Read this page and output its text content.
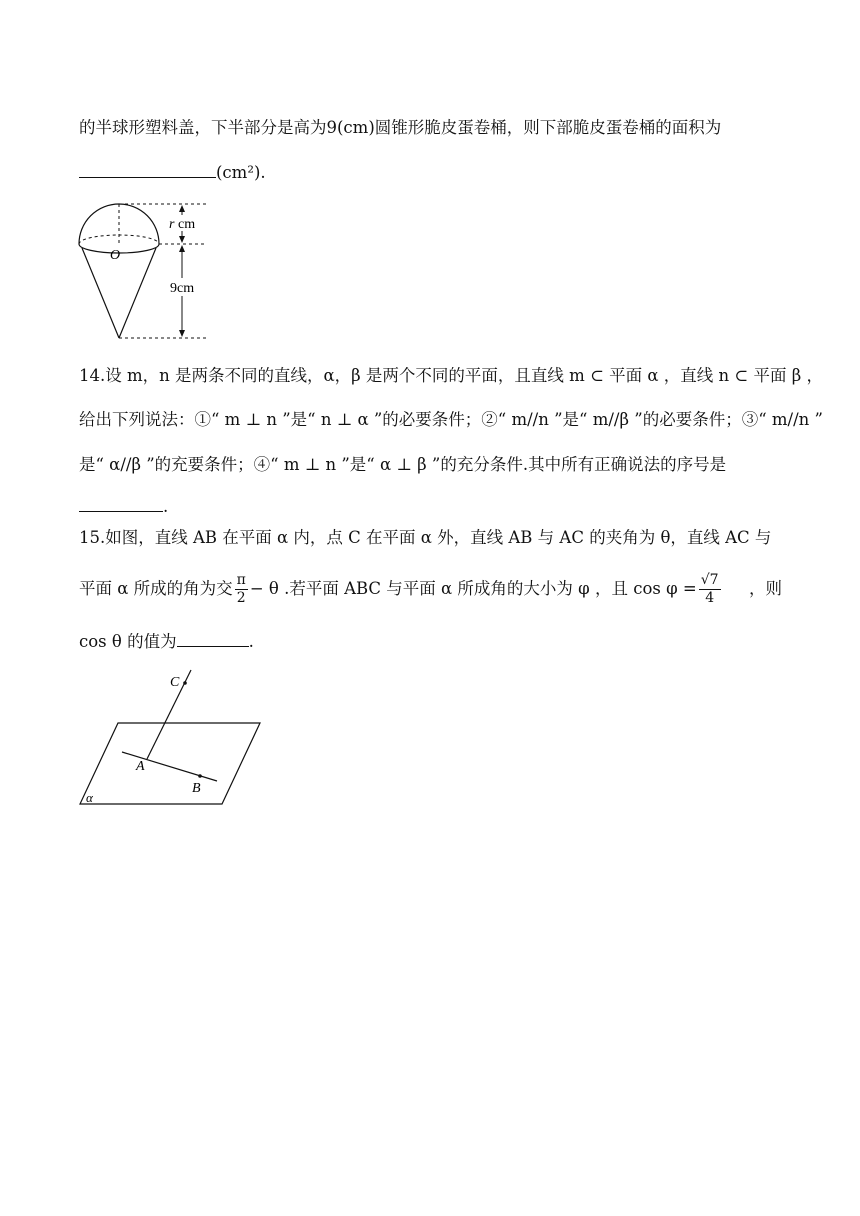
的半球形塑料盖，下半部分是高为9(cm)圆锥形脆皮蛋卷桶，则下部脆皮蛋卷桶的面积为
(cm²).
r cm
O
9cm
14.设 m，n 是两条不同的直线，α，β 是两个不同的平面，且直线 m ⊂ 平面 α ，直线 n ⊂ 平面 β ，
给出下列说法：①“ m ⊥ n ”是“ n ⊥ α ”的必要条件；②“ m//n ”是“ m//β ”的必要条件；③“ m//n ”
是“ α//β ”的充要条件；④“ m ⊥ n ”是“ α ⊥ β ”的充分条件.其中所有正确说法的序号是
.
15.如图，直线 AB 在平面 α 内，点 C 在平面 α 外，直线 AB 与 AC 的夹角为 θ，直线 AC 与
平面 α 所成的角为交 $\frac{\pi}{2} - \theta$ .若平面 ABC 与平面 α 所成角的大小为 φ ，且 $\cos \varphi = \frac{√7}{4}$ ，则
cos θ 的值为	.
C
A
B
α
